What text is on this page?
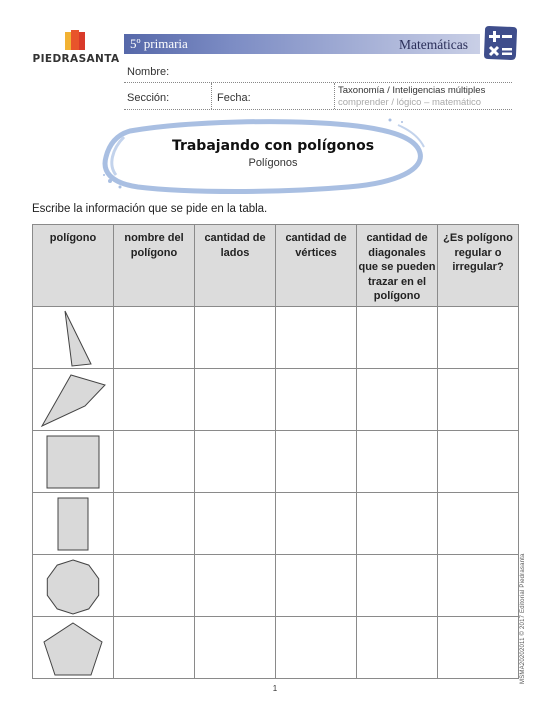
PIEDRASANTA
5º primaria	Matemáticas
Nombre:
Sección:	Fecha:
Taxonomía / Inteligencias múltiples
comprender / lógico – matemático
Trabajando con polígonos
Polígonos
Escribe la información que se pide en la tabla.
polígono	nombre del polígono	cantidad de lados	cantidad de vértices	cantidad de diagonales que se pueden trazar en el polígono	¿Es polígono regular o irregular?

1
MSMA20202011 © 2017 Editorial Piedrasanta
